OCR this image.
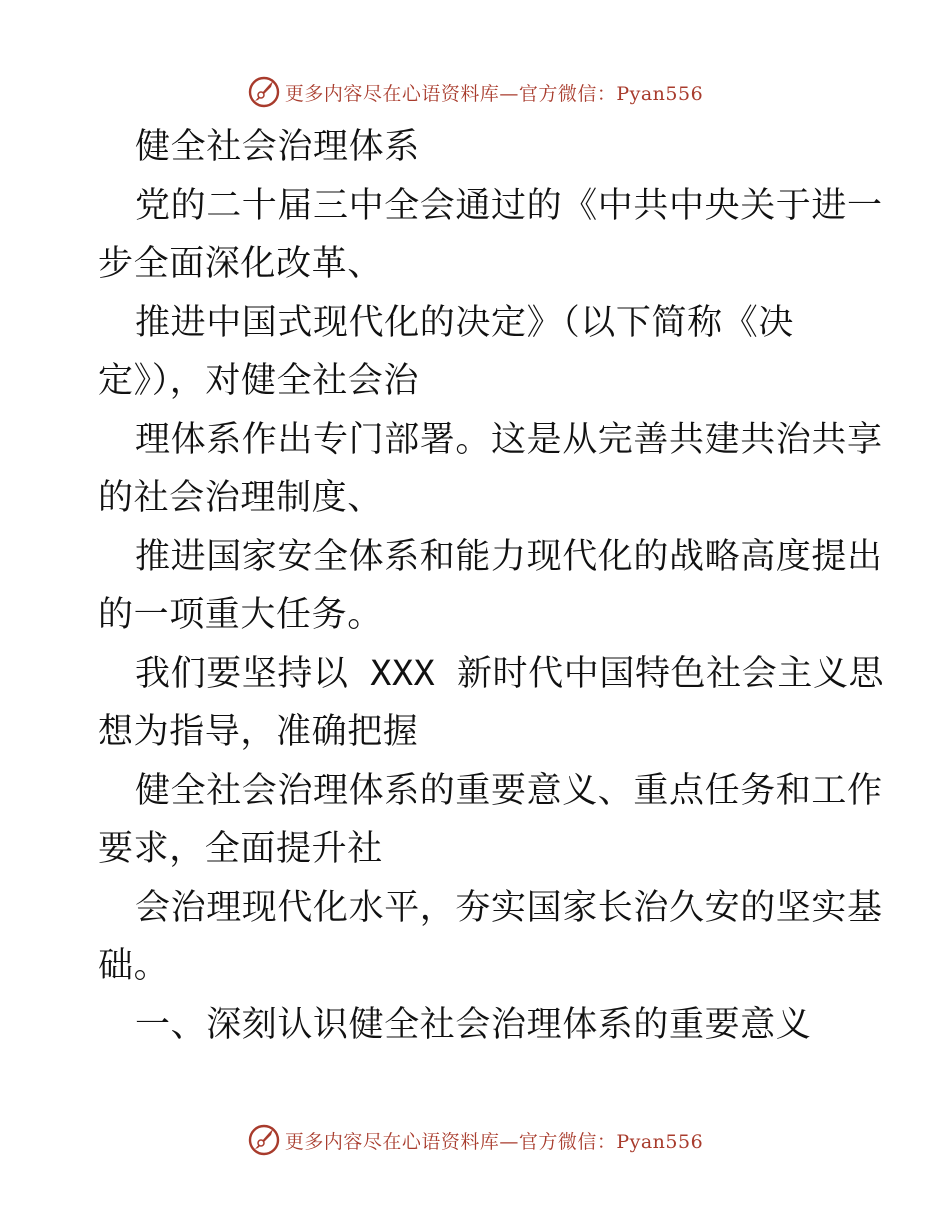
更多内容尽在心语资料库—官方微信：Pyan556

健全社会治理体系

党的二十届三中全会通过的《中共中央关于进一

步全面深化改革、

推进中国式现代化的决定》（以下简称《决

定》），对健全社会治

理体系作出专门部署。这是从完善共建共治共享

的社会治理制度、

推进国家安全体系和能力现代化的战略高度提出

的一项重大任务。

我们要坚持以 XXX 新时代中国特色社会主义思

想为指导，准确把握

健全社会治理体系的重要意义、重点任务和工作

要求，全面提升社

会治理现代化水平，夯实国家长治久安的坚实基

础。

一、深刻认识健全社会治理体系的重要意义

更多内容尽在心语资料库—官方微信：Pyan556
